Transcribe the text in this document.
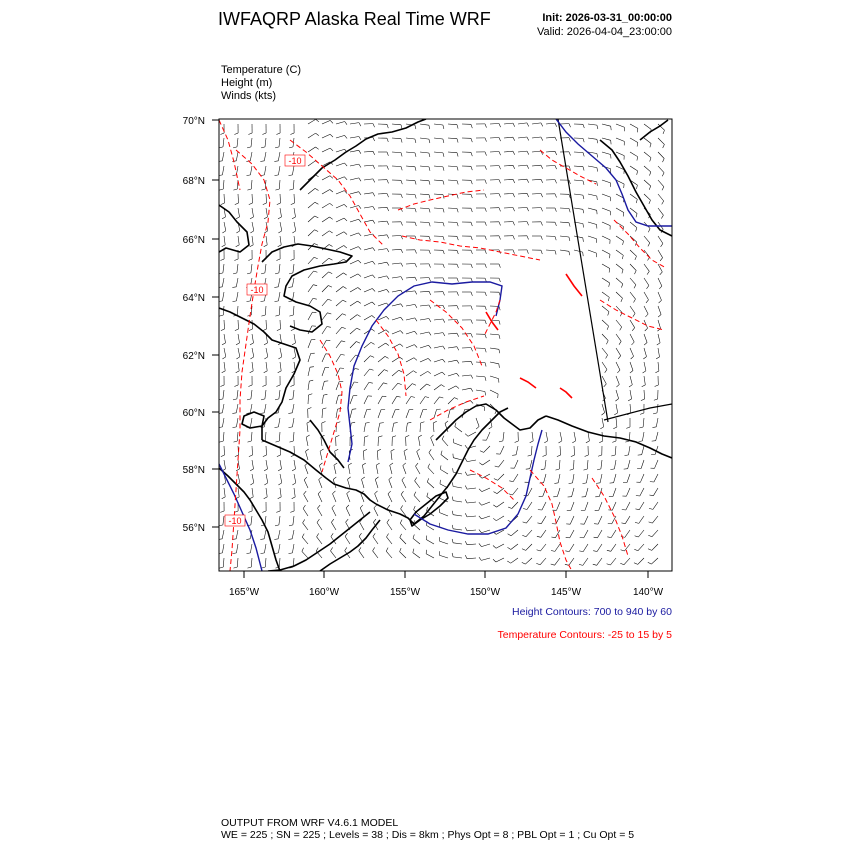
IWFAQRP Alaska Real Time WRF	Init: 2026-03-31_00:00:00
Valid: 2026-04-04_23:00:00
Temperature (C)
Height (m)
Winds (kts)
-10
-10
-10
70°N
68°N
66°N
64°N
62°N
60°N
58°N
56°N
165°W	160°W	155°W	150°W	145°W	140°W
Height Contours: 700 to 940 by 60
Temperature Contours: -25 to 15 by 5
OUTPUT FROM WRF V4.6.1 MODEL
WE = 225 ; SN = 225 ; Levels = 38 ; Dis = 8km ; Phys Opt = 8 ; PBL Opt = 1 ; Cu Opt = 5
